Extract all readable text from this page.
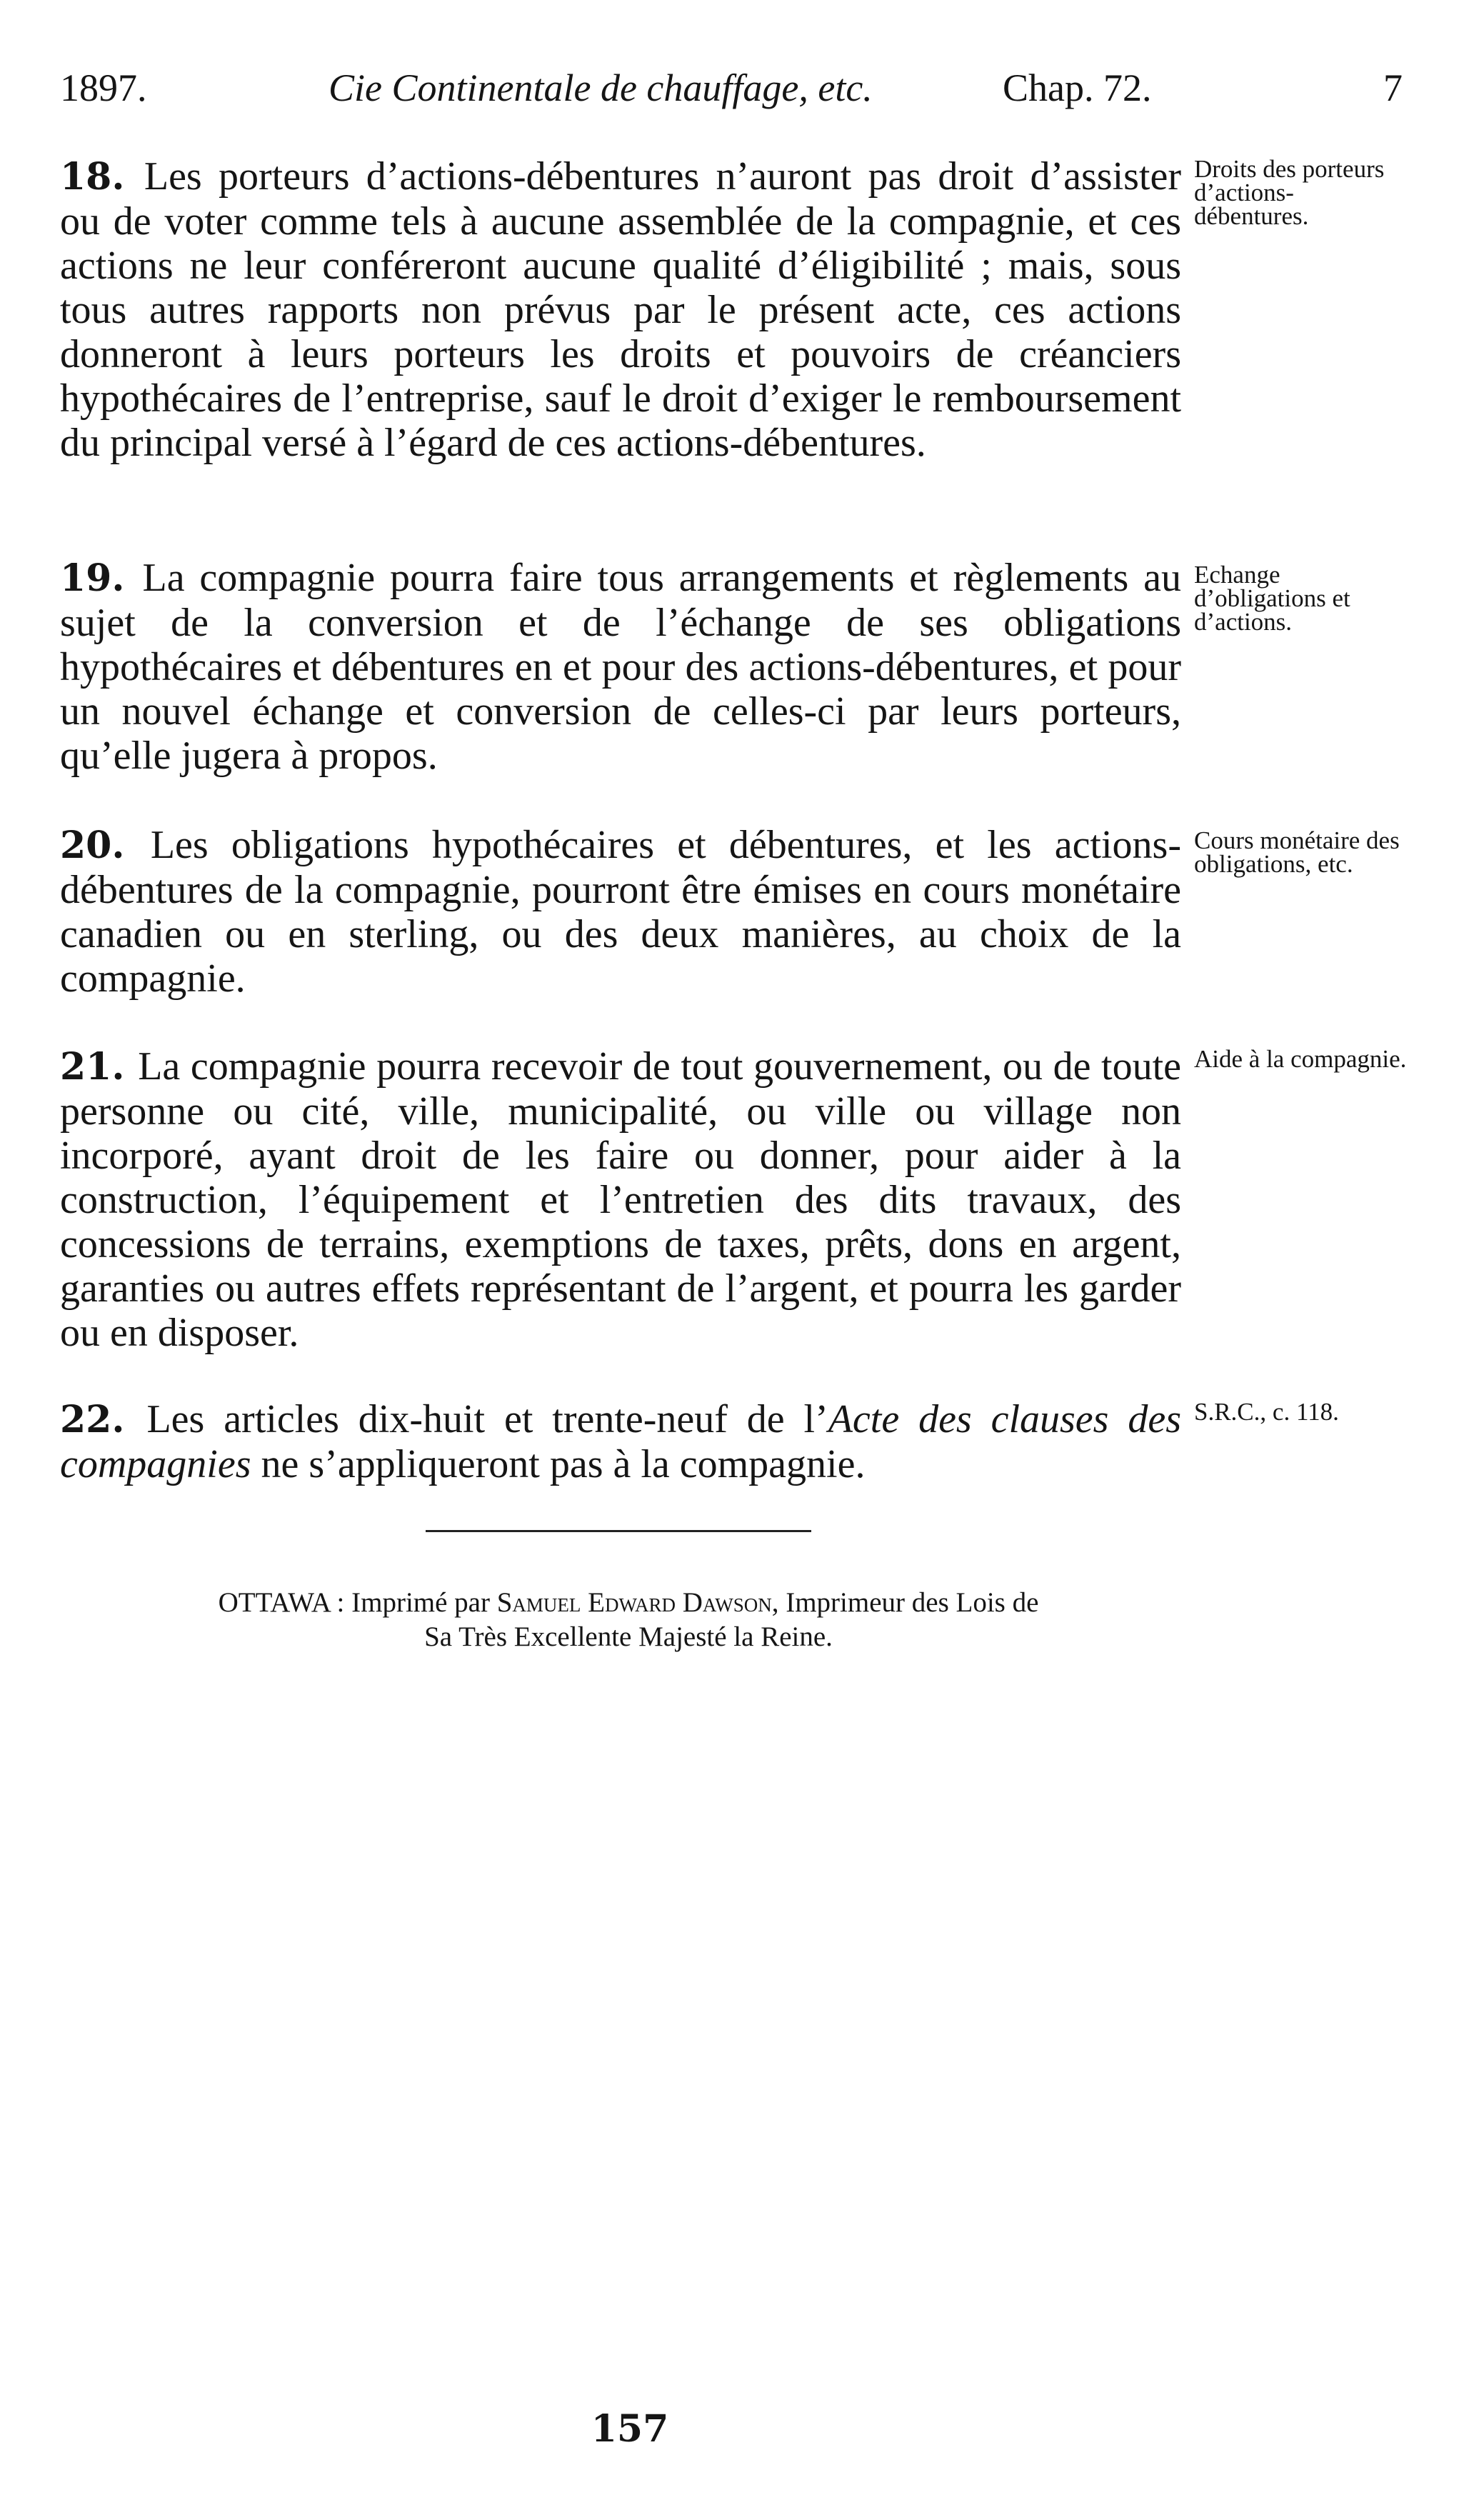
1897.	Cie Continentale de chauffage, etc.	Chap. 72.	7
18 . Les porteurs d’actions-débentures n’auront pas droit d’assister ou de voter comme tels à aucune assemblée de la compagnie, et ces actions ne leur conféreront aucune qualité d’éligibilité ; mais, sous tous autres rapports non prévus par le présent acte, ces actions donneront à leurs porteurs les droits et pouvoirs de créanciers hypothécaires de l’entreprise, sauf le droit d’exiger le remboursement du principal versé à l’égard de ces actions-débentures.
Droits des porteurs d’actions-débentures.
19 . La compagnie pourra faire tous arrangements et règlements au sujet de la conversion et de l’échange de ses obligations hypothécaires et débentures en et pour des actions-débentures, et pour un nouvel échange et conversion de celles-ci par leurs porteurs, qu’elle jugera à propos.
Echange d’obligations et d’actions.
20 . Les obligations hypothécaires et débentures, et les actions-débentures de la compagnie, pourront être émises en cours monétaire canadien ou en sterling, ou des deux manières, au choix de la compagnie.
Cours monétaire des obligations, etc.
21 . La compagnie pourra recevoir de tout gouvernement, ou de toute personne ou cité, ville, municipalité, ou ville ou village non incorporé, ayant droit de les faire ou donner, pour aider à la construction, l’équipement et l’entretien des dits travaux, des concessions de terrains, exemptions de taxes, prêts, dons en argent, garanties ou autres effets représentant de l’argent, et pourra les garder ou en disposer.
Aide à la compagnie.
22 . Les articles dix-huit et trente-neuf de l’Acte des clauses des compagnies ne s’appliqueront pas à la compagnie.
S.R.C., c. 118.

OTTAWA : Imprimé par Samuel Edward Dawson, Imprimeur des Lois de

Sa Très Excellente Majesté la Reine.

157
